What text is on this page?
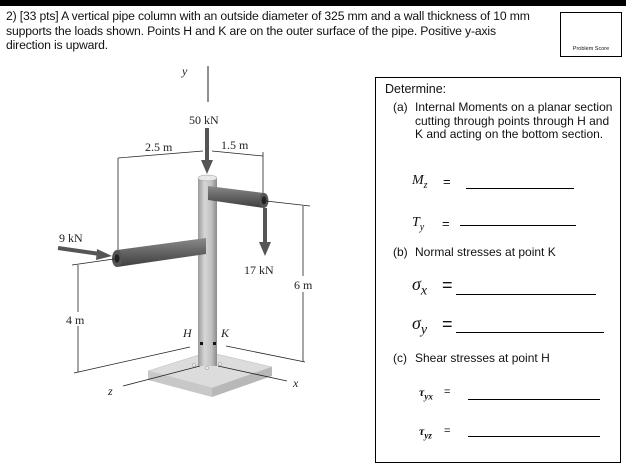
2) [33 pts] A vertical pipe column with an outside diameter of 325 mm and a wall thickness of 10 mm supports the loads shown. Points H and K are on the outer surface of the pipe. Positive y-axis direction is upward.	Problem Score
y
50 kN
2.5 m	1.5 m
9 kN
17 kN
6 m
4 m
H K
z
x
Determine:
(a) Internal Moments on a planar section cutting through points through H and K and acting on the bottom section.
$M_z$ =
$T_y$ =
(b) Normal stresses at point K
$\sigma_x$ =
$\sigma_y$ =
(c) Shear stresses at point H
$\tau_{yx}$ =
$\tau_{yz}$ =
